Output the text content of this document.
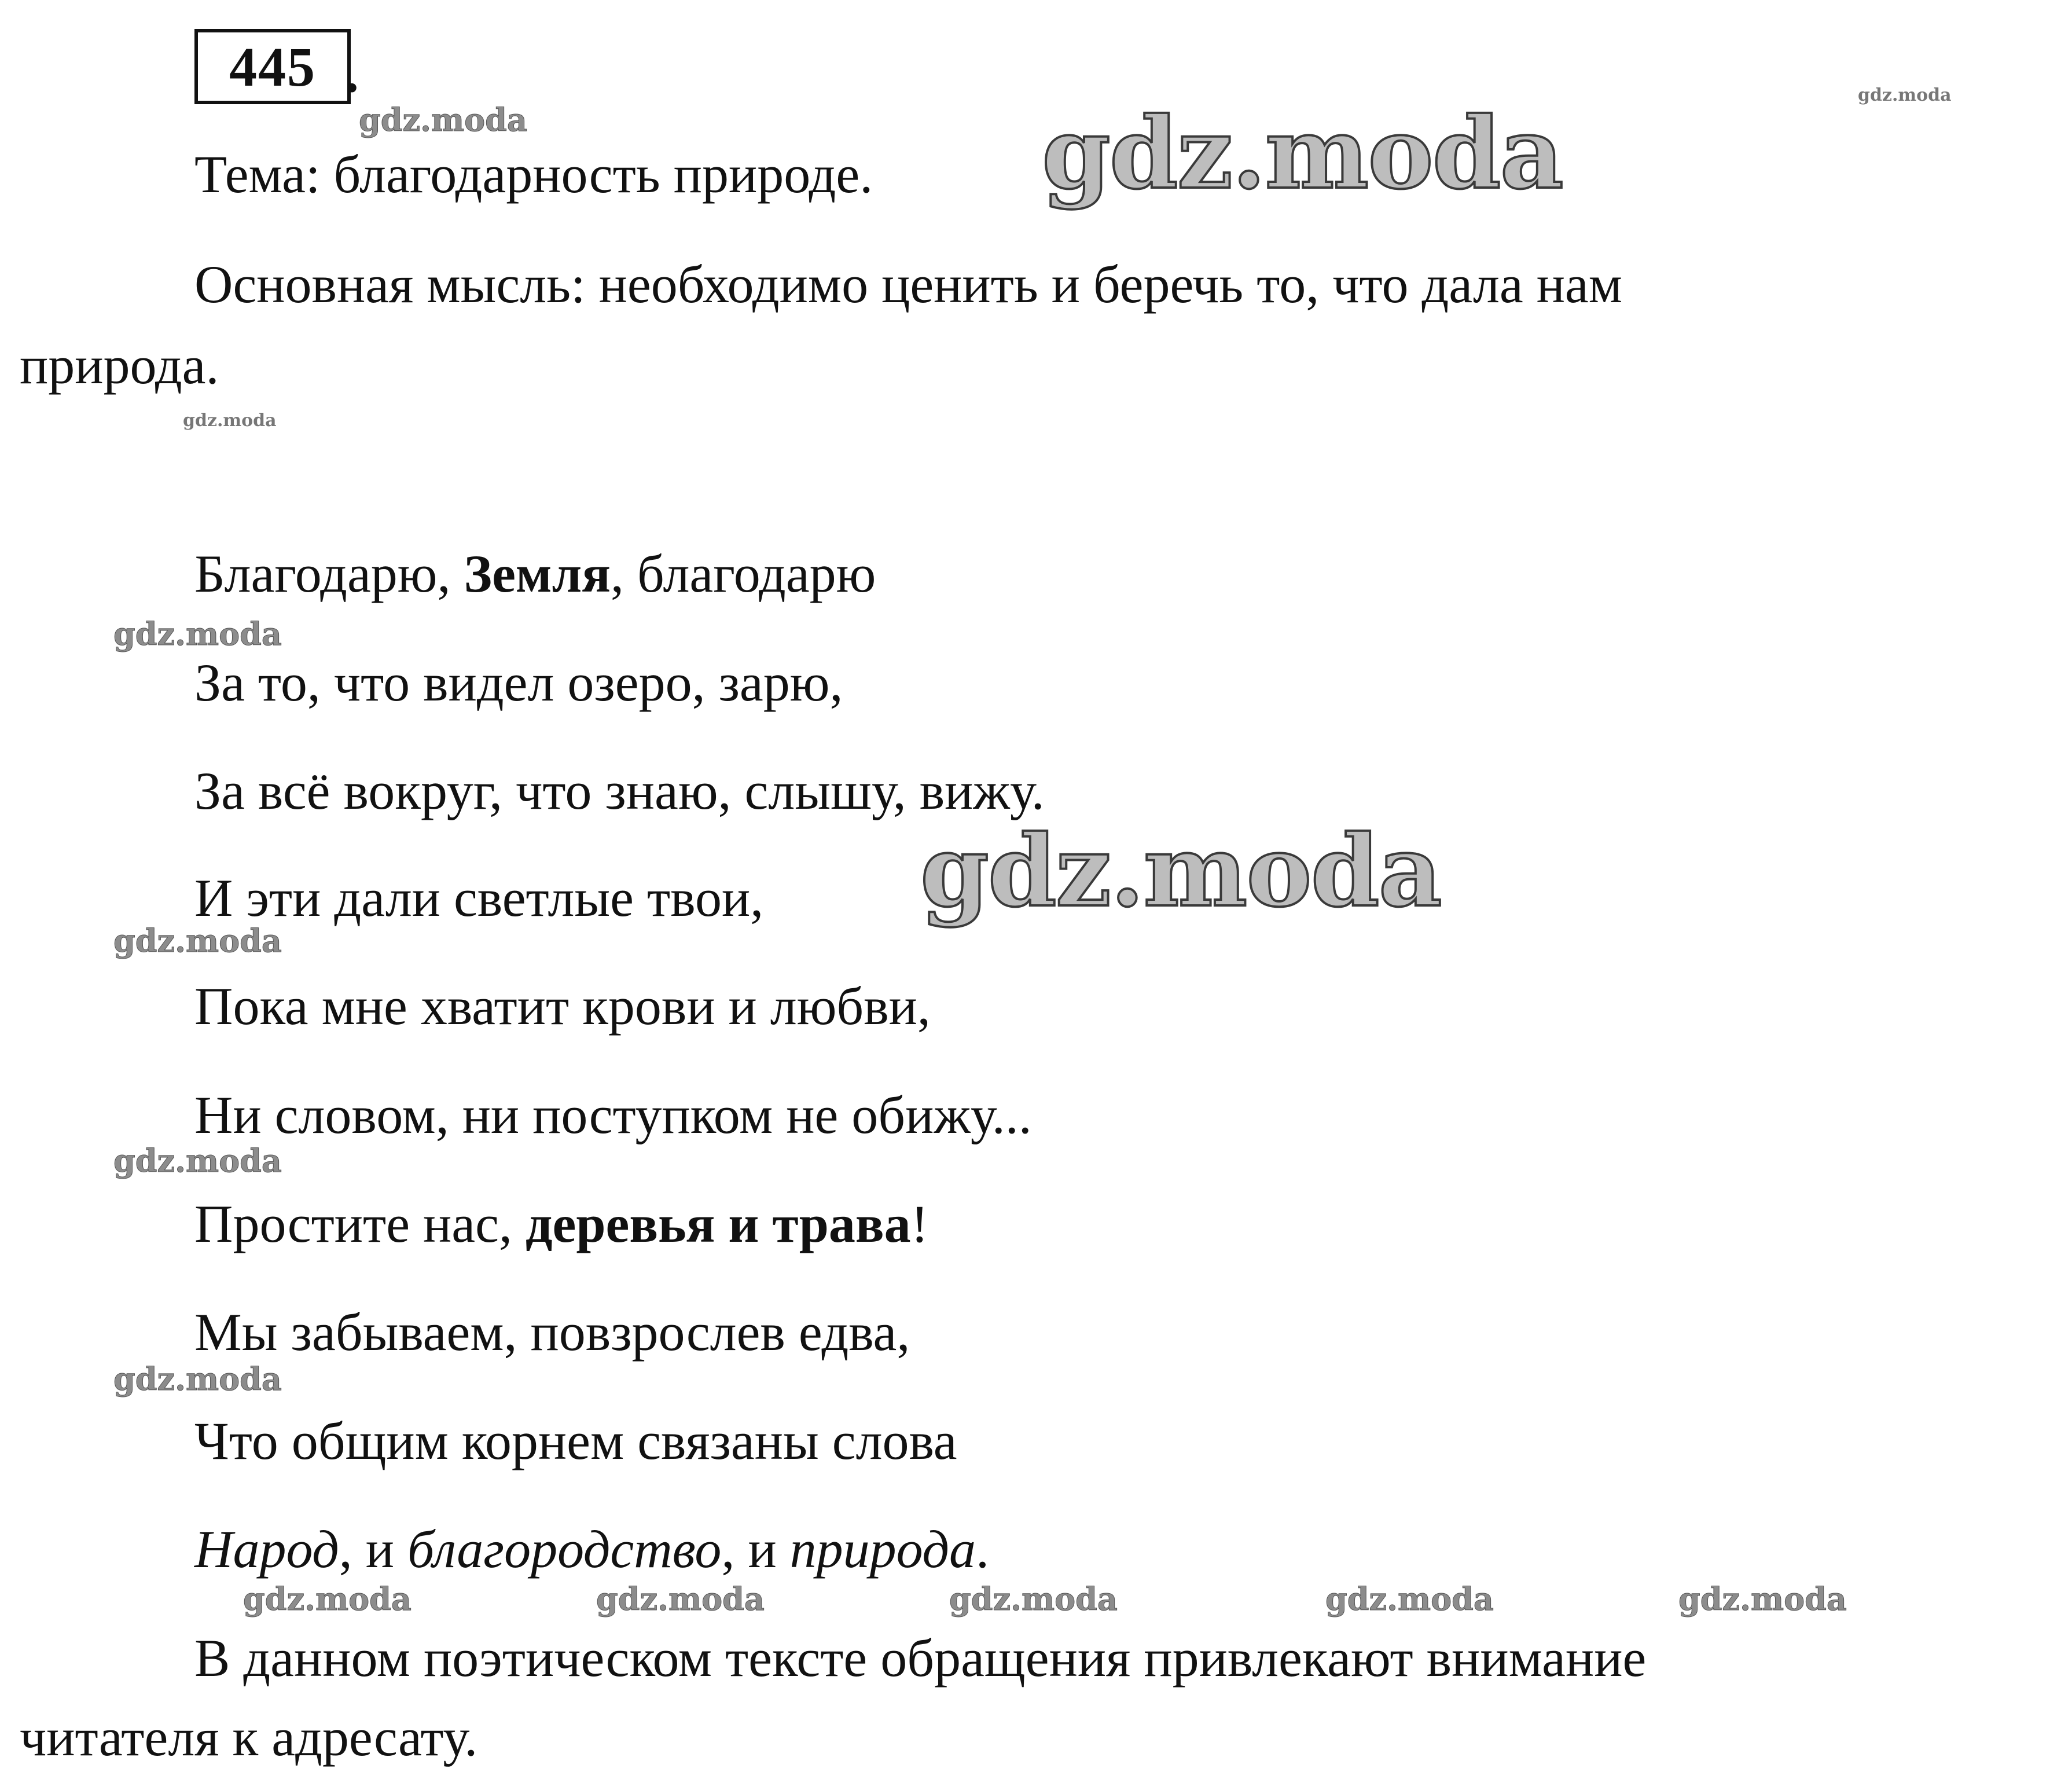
445 .
Тема: благодарность природе.
Основная мысль: необходимо ценить и беречь то, что дала нам
природа.
Благодарю, Земля, благодарю
За то, что видел озеро, зарю,
За всё вокруг, что знаю, слышу, вижу.
И эти дали светлые твои,
Пока мне хватит крови и любви,
Ни словом, ни поступком не обижу...
Простите нас, деревья и трава!
Мы забываем, повзрослев едва,
Что общим корнем связаны слова
Народ, и благородство, и природа.
В данном поэтическом тексте обращения привлекают внимание
читателя к адресату.
gdz.moda	gdz.moda
gdz.moda
gdz.moda
gdz.moda
gdz.moda
gdz.moda
gdz.moda
gdz.moda
gdz.moda	gdz.moda	gdz.moda	gdz.moda	gdz.moda
